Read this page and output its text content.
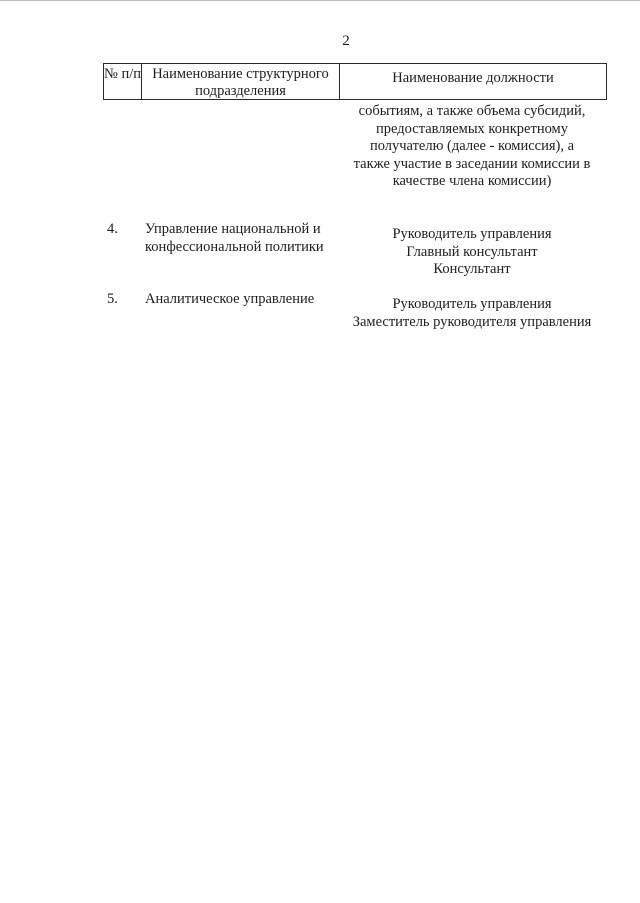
2
№ п/п Наименование структурного подразделения
Наименование должности
событиям, а также объема субсидий,
предоставляемых конкретному
получателю (далее - комиссия), а
также участие в заседании комиссии в
качестве члена комиссии)
4. Управление национальной и
конфессиональной политики
Руководитель управления
Главный консультант
Консультант
5. Аналитическое управление	Руководитель управления
Заместитель руководителя управления
